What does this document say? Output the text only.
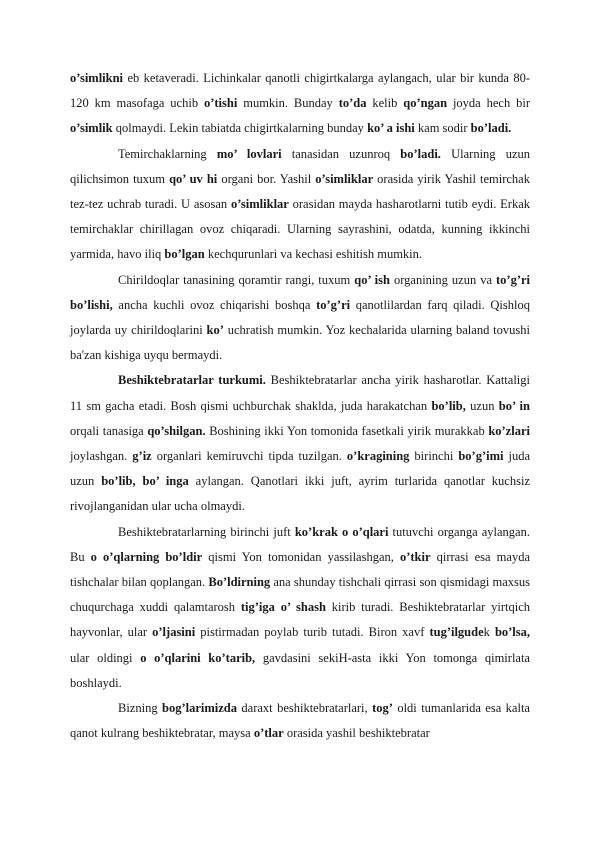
o’simlikni eb ketaveradi. Lichinkalar qanotli chigirtkalarga aylangach, ular bir kunda 80-120 km masofaga uchib o’tishi mumkin. Bunday to’da kelib qo’ngan joyda hech bir o’simlik qolmaydi. Lekin tabiatda chigirtkalarning bunday ko’ a ishi kam sodir bo’ladi.

Temirchaklarning mo’ lovlari tanasidan uzunroq bo’ladi. Ularning uzun qilichsimon tuxum qo’ uv hi organi bor. Yashil o’simliklar orasida yirik Yashil temirchak tez-tez uchrab turadi. U asosan o’simliklar orasidan mayda hasharotlarni tutib eydi. Erkak temirchaklar chirillagan ovoz chiqaradi. Ularning sayrashini, odatda, kunning ikkinchi yarmida, havo iliq bo’lgan kechqurunlari va kechasi eshitish mumkin.

Chirildoqlar tanasining qoramtir rangi, tuxum qo’ ish organining uzun va to’g’ri bo’lishi, ancha kuchli ovoz chiqarishi boshqa to’g’ri qanotlilardan farq qiladi. Qishloq joylarda uy chirildoqlarini ko’ uchratish mumkin. Yoz kechalarida ularning baland tovushi ba'zan kishiga uyqu bermaydi.

Beshiktebratarlar turkumi. Beshiktebratarlar ancha yirik hasharotlar. Kattaligi 11 sm gacha etadi. Bosh qismi uchburchak shaklda, juda harakatchan bo’lib, uzun bo’ in orqali tanasiga qo’shilgan. Boshining ikki Yon tomonida fasetkali yirik murakkab ko’zlari joylashgan. g’iz organlari kemiruvchi tipda tuzilgan. o’kragining birinchi bo’g’imi juda uzun bo’lib, bo’ inga aylangan. Qanotlari ikki juft, ayrim turlarida qanotlar kuchsiz rivojlanganidan ular ucha olmaydi.

Beshiktebratarlarning birinchi juft ko’krak o o’qlari tutuvchi organga aylangan. Bu o o’qlarning bo’ldir qismi Yon tomonidan yassilashgan, o’tkir qirrasi esa mayda tishchalar bilan qoplangan. Bo’ldirning ana shunday tishchali qirrasi son qismidagi maxsus chuqurchaga xuddi qalamtarosh tig’iga o’ shash kirib turadi. Beshiktebratarlar yirtqich hayvonlar, ular o’ljasini pistirmadan poylab turib tutadi. Biron xavf tug’ilgudek bo’lsa, ular oldingi o o’qlarini ko’tarib, gavdasini sekiH-asta ikki Yon tomonga qimirlata boshlaydi.

Bizning bog’larimizda daraxt beshiktebratarlari, tog’ oldi tumanlarida esa kalta qanot kulrang beshiktebratar, maysa o’tlar orasida yashil beshiktebratar
